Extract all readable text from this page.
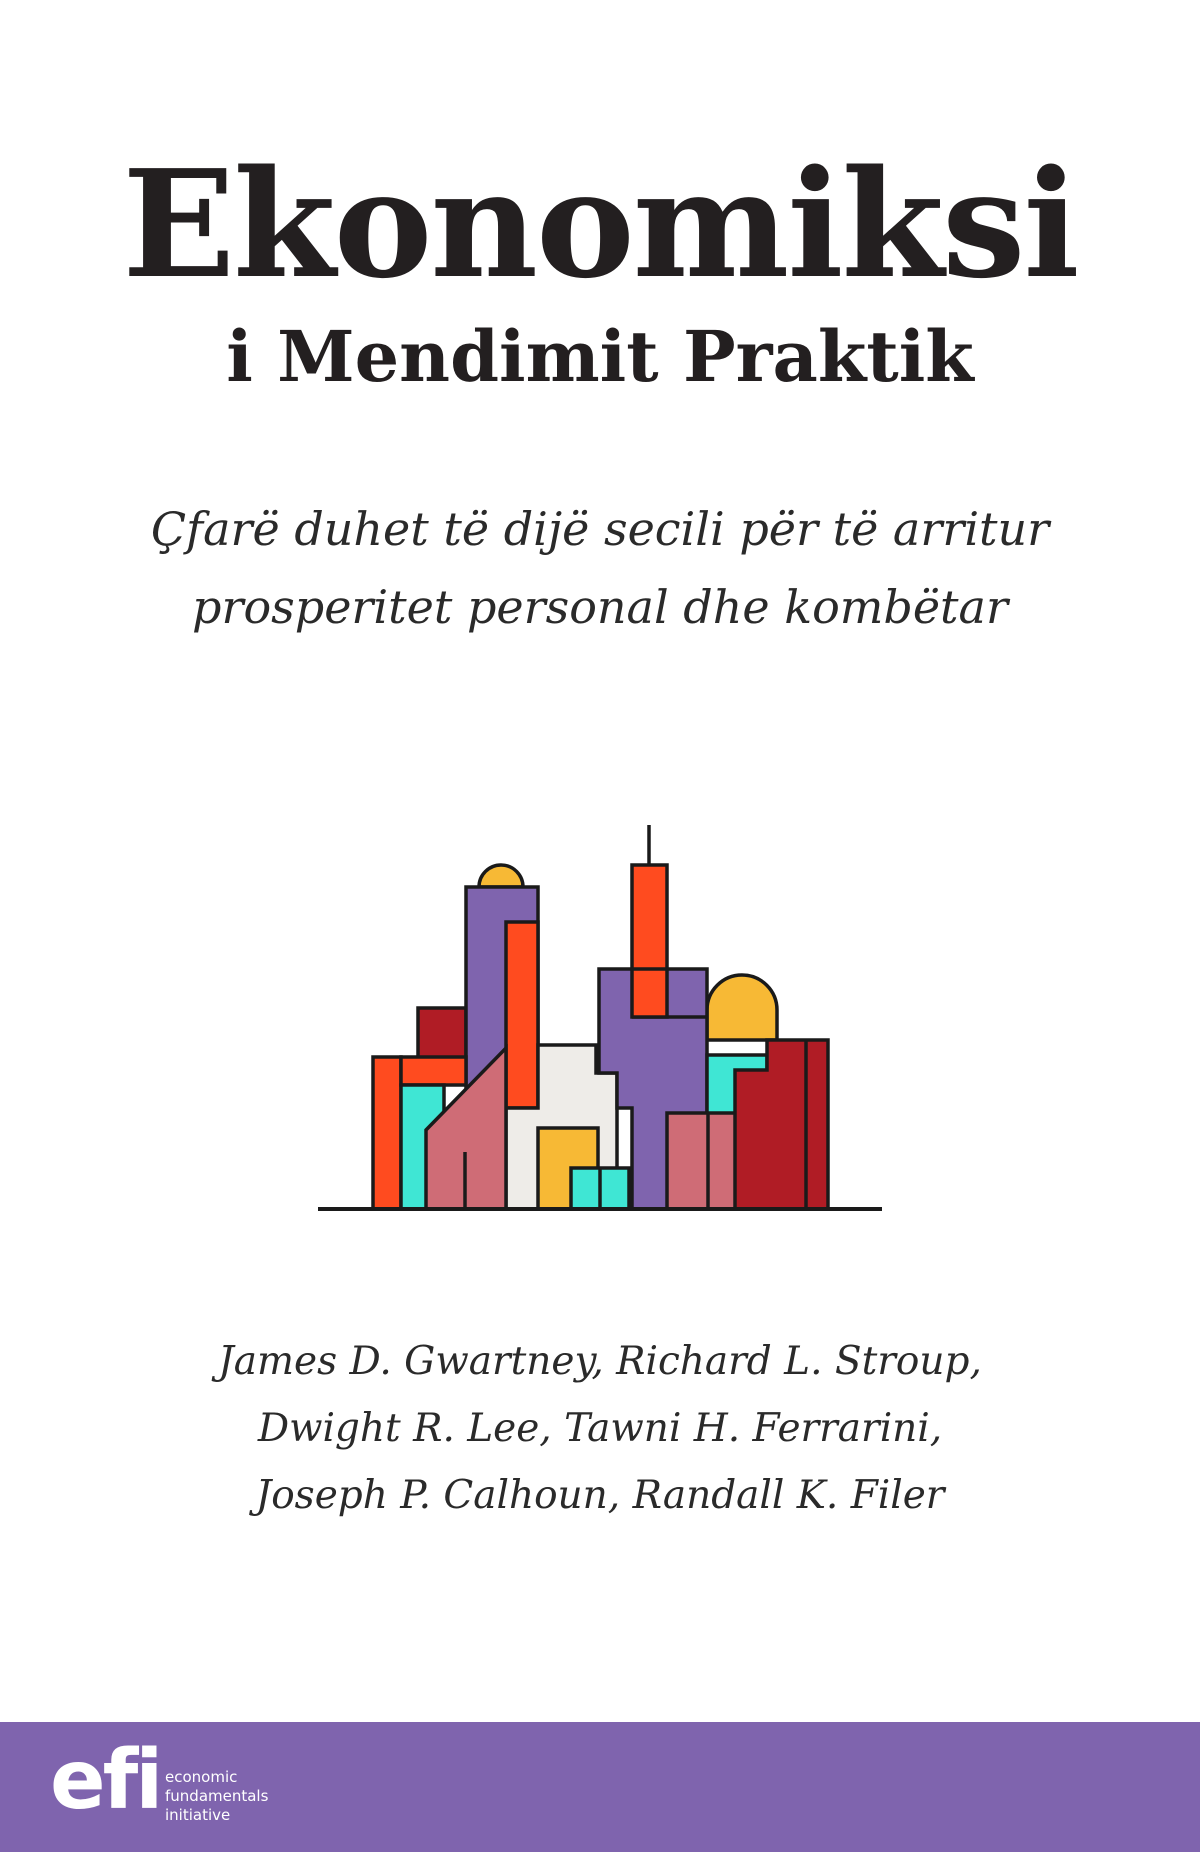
Ekonomiksi
i Mendimit Praktik
Çfarë duhet të dijë secili për të arritur
prosperitet personal dhe kombëtar
James D. Gwartney, Richard L. Stroup,
Dwight R. Lee, Tawni H. Ferrarini,
Joseph P. Calhoun, Randall K. Filer
efi economic
fundamentals
initiative
